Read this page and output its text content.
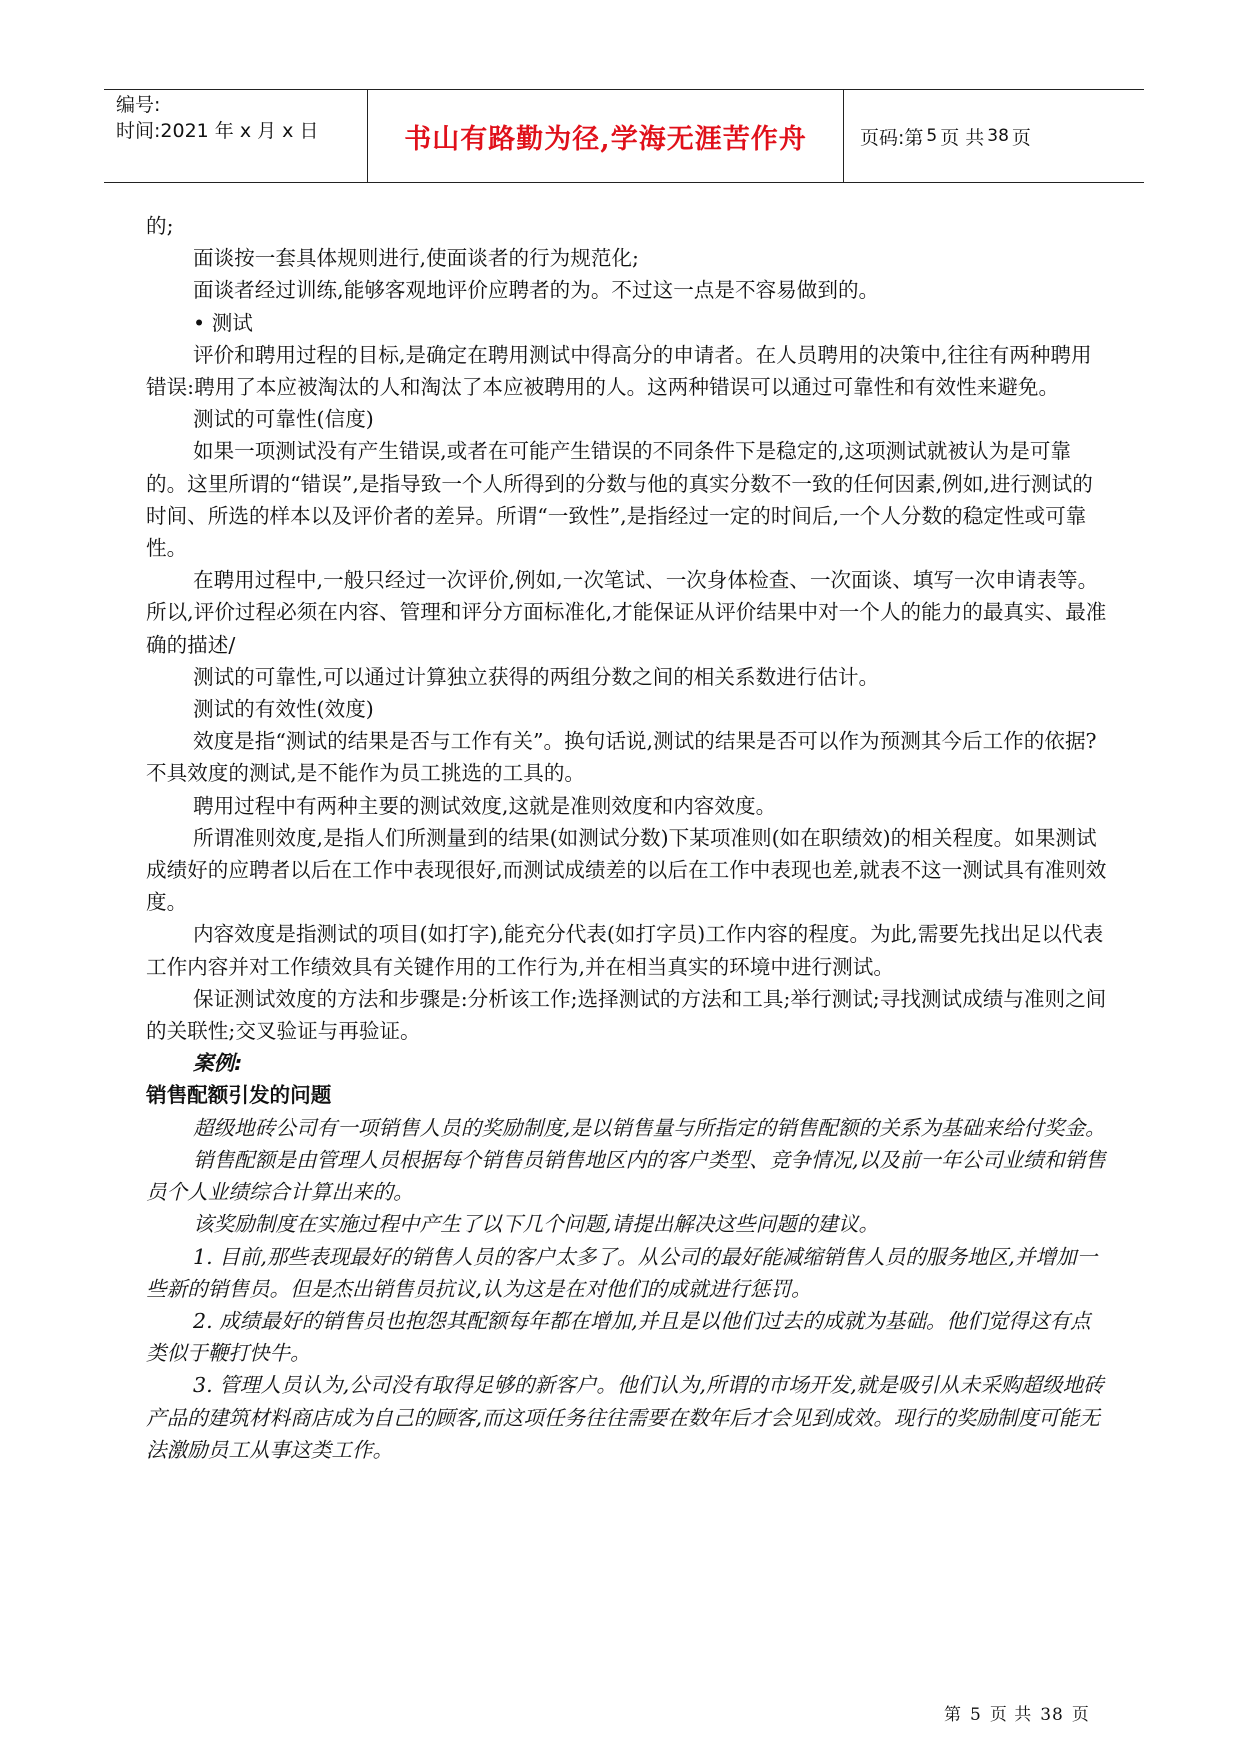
编号:
时间:2021 年 x 月 x 日	书山有路勤为径,学海无涯苦作舟	页码:第 5 页 共 38 页

的;

面谈按一套具体规则进行,使面谈者的行为规范化;

面谈者经过训练,能够客观地评价应聘者的为。不过这一点是不容易做到的。

• 测试

评价和聘用过程的目标,是确定在聘用测试中得高分的申请者。在人员聘用的决策中,往往有两种聘用错误:聘用了本应被淘汰的人和淘汰了本应被聘用的人。这两种错误可以通过可靠性和有效性来避免。

测试的可靠性(信度)

如果一项测试没有产生错误,或者在可能产生错误的不同条件下是稳定的,这项测试就被认为是可靠的。这里所谓的“错误”,是指导致一个人所得到的分数与他的真实分数不一致的任何因素,例如,进行测试的时间、所选的样本以及评价者的差异。所谓“一致性”,是指经过一定的时间后,一个人分数的稳定性或可靠性。

在聘用过程中,一般只经过一次评价,例如,一次笔试、一次身体检查、一次面谈、填写一次申请表等。所以,评价过程必须在内容、管理和评分方面标准化,才能保证从评价结果中对一个人的能力的最真实、最准确的描述/

测试的可靠性,可以通过计算独立获得的两组分数之间的相关系数进行估计。

测试的有效性(效度)

效度是指“测试的结果是否与工作有关”。换句话说,测试的结果是否可以作为预测其今后工作的依据?不具效度的测试,是不能作为员工挑选的工具的。

聘用过程中有两种主要的测试效度,这就是准则效度和内容效度。

所谓准则效度,是指人们所测量到的结果(如测试分数)下某项准则(如在职绩效)的相关程度。如果测试成绩好的应聘者以后在工作中表现很好,而测试成绩差的以后在工作中表现也差,就表不这一测试具有准则效度。

内容效度是指测试的项目(如打字),能充分代表(如打字员)工作内容的程度。为此,需要先找出足以代表工作内容并对工作绩效具有关键作用的工作行为,并在相当真实的环境中进行测试。

保证测试效度的方法和步骤是:分析该工作;选择测试的方法和工具;举行测试;寻找测试成绩与准则之间的关联性;交叉验证与再验证。

案例:

销售配额引发的问题

超级地砖公司有一项销售人员的奖励制度,是以销售量与所指定的销售配额的关系为基础来给付奖金。

销售配额是由管理人员根据每个销售员销售地区内的客户类型、竞争情况,以及前一年公司业绩和销售员个人业绩综合计算出来的。

该奖励制度在实施过程中产生了以下几个问题,请提出解决这些问题的建议。

1. 目前,那些表现最好的销售人员的客户太多了。从公司的最好能减缩销售人员的服务地区,并增加一些新的销售员。但是杰出销售员抗议,认为这是在对他们的成就进行惩罚。

2. 成绩最好的销售员也抱怨其配额每年都在增加,并且是以他们过去的成就为基础。他们觉得这有点类似于鞭打快牛。

3. 管理人员认为,公司没有取得足够的新客户。他们认为,所谓的市场开发,就是吸引从未采购超级地砖产品的建筑材料商店成为自己的顾客,而这项任务往往需要在数年后才会见到成效。现行的奖励制度可能无法激励员工从事这类工作。

第 5 页 共 38 页
